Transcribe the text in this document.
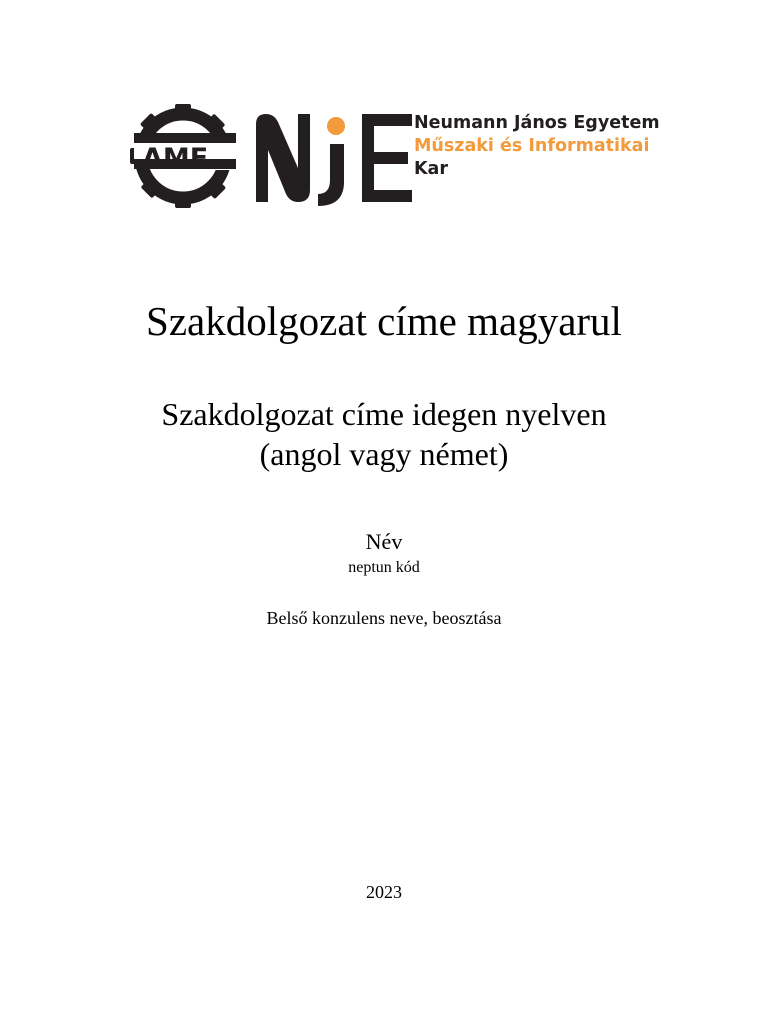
AMF
NJE
Neumann János Egyetem
Műszaki és Informatikai
Kar
Szakdolgozat címe magyarul
Szakdolgozat címe idegen nyelven
(angol vagy német)
Név
neptun kód
Belső konzulens neve, beosztása
2023
